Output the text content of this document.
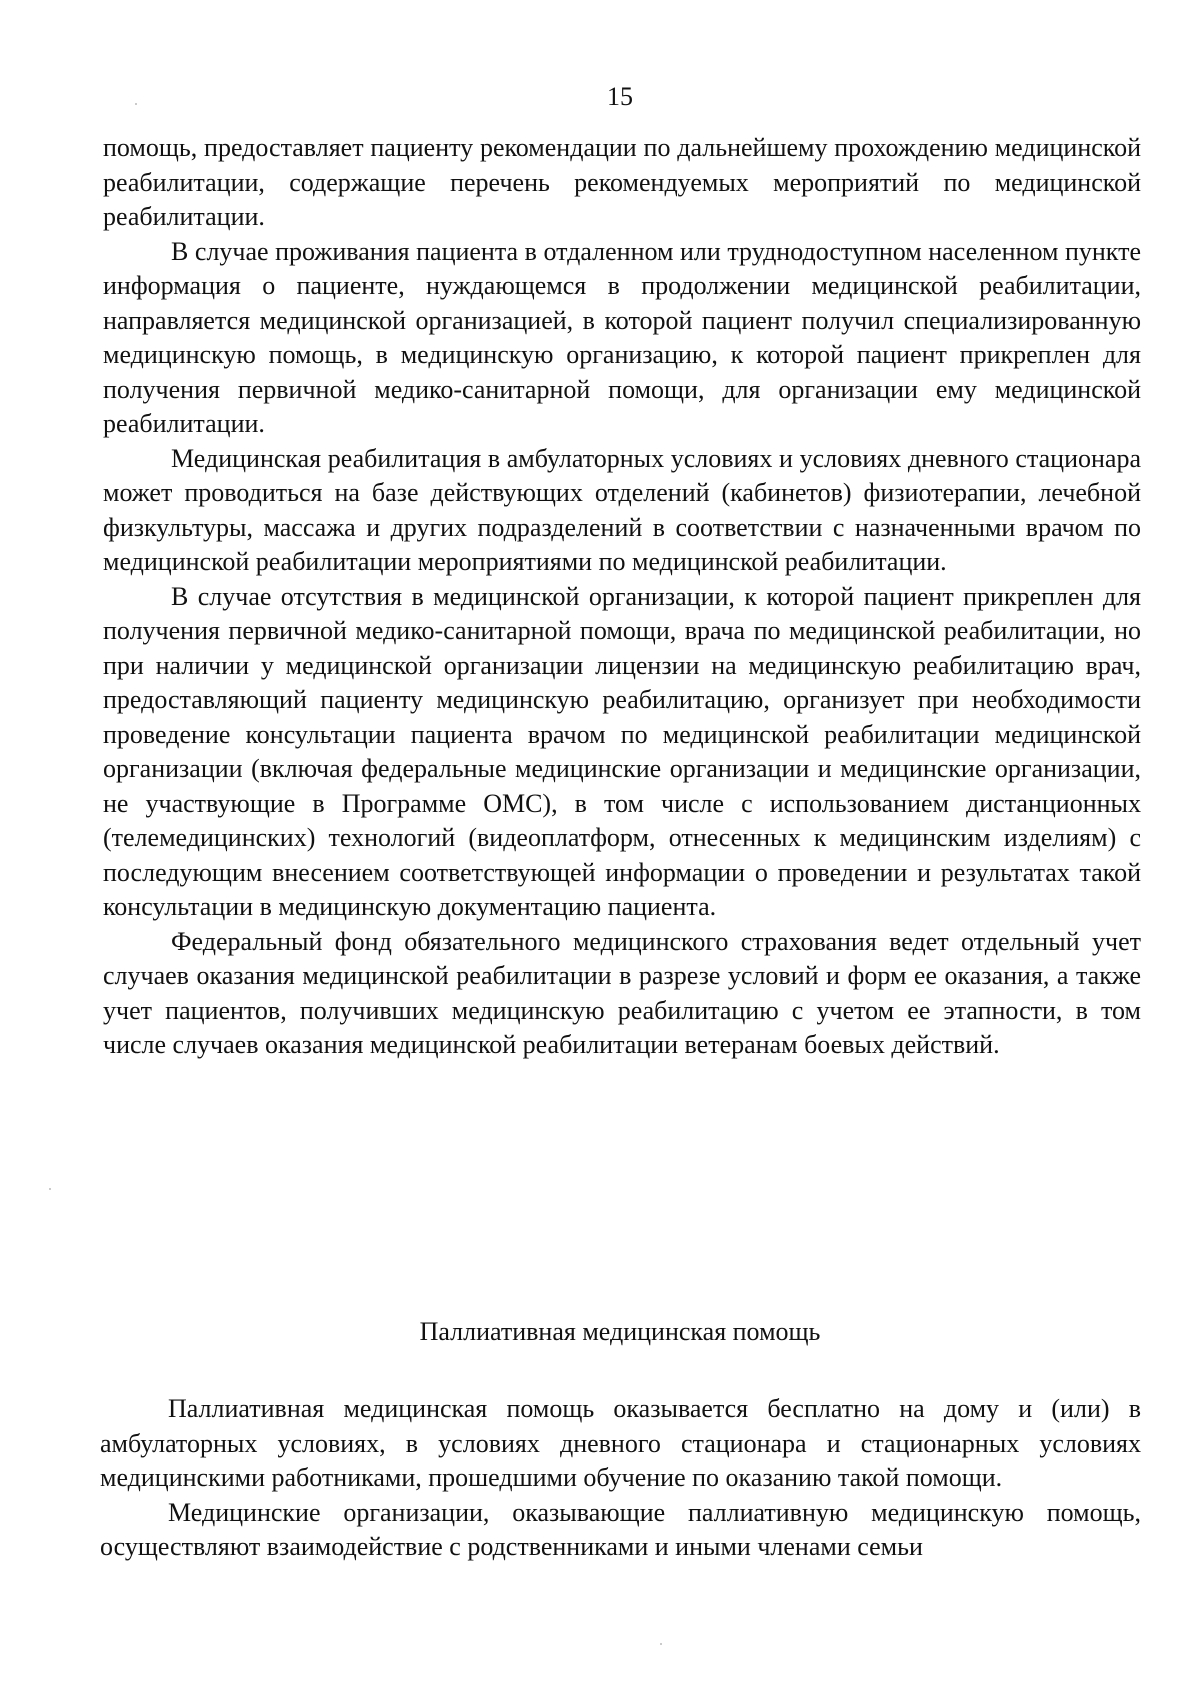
15

помощь, предоставляет пациенту рекомендации по дальнейшему прохождению медицинской реабилитации, содержащие перечень рекомендуемых мероприятий по медицинской реабилитации.

В случае проживания пациента в отдаленном или труднодоступном населенном пункте информация о пациенте, нуждающемся в продолжении медицинской реабилитации, направляется медицинской организацией, в которой пациент получил специализированную медицинскую помощь, в медицинскую организацию, к которой пациент прикреплен для получения первичной медико-санитарной помощи, для организации ему медицинской реабилитации.

Медицинская реабилитация в амбулаторных условиях и условиях дневного стационара может проводиться на базе действующих отделений (кабинетов) физиотерапии, лечебной физкультуры, массажа и других подразделений в соответствии с назначенными врачом по медицинской реабилитации мероприятиями по медицинской реабилитации.

В случае отсутствия в медицинской организации, к которой пациент прикреплен для получения первичной медико-санитарной помощи, врача по медицинской реабилитации, но при наличии у медицинской организации лицензии на медицинскую реабилитацию врач, предоставляющий пациенту медицинскую реабилитацию, организует при необходимости проведение консультации пациента врачом по медицинской реабилитации медицинской организации (включая федеральные медицинские организации и медицинские организации, не участвующие в Программе ОМС), в том числе с использованием дистанционных (телемедицинских) технологий (видеоплатформ, отнесенных к медицинским изделиям) с последующим внесением соответствующей информации о проведении и результатах такой консультации в медицинскую документацию пациента.

Федеральный фонд обязательного медицинского страхования ведет отдельный учет случаев оказания медицинской реабилитации в разрезе условий и форм ее оказания, а также учет пациентов, получивших медицинскую реабилитацию с учетом ее этапности, в том числе случаев оказания медицинской реабилитации ветеранам боевых действий.

Паллиативная медицинская помощь

Паллиативная медицинская помощь оказывается бесплатно на дому и (или) в амбулаторных условиях, в условиях дневного стационара и стационарных условиях медицинскими работниками, прошедшими обучение по оказанию такой помощи.

Медицинские организации, оказывающие паллиативную медицинскую помощь, осуществляют взаимодействие с родственниками и иными членами семьи
